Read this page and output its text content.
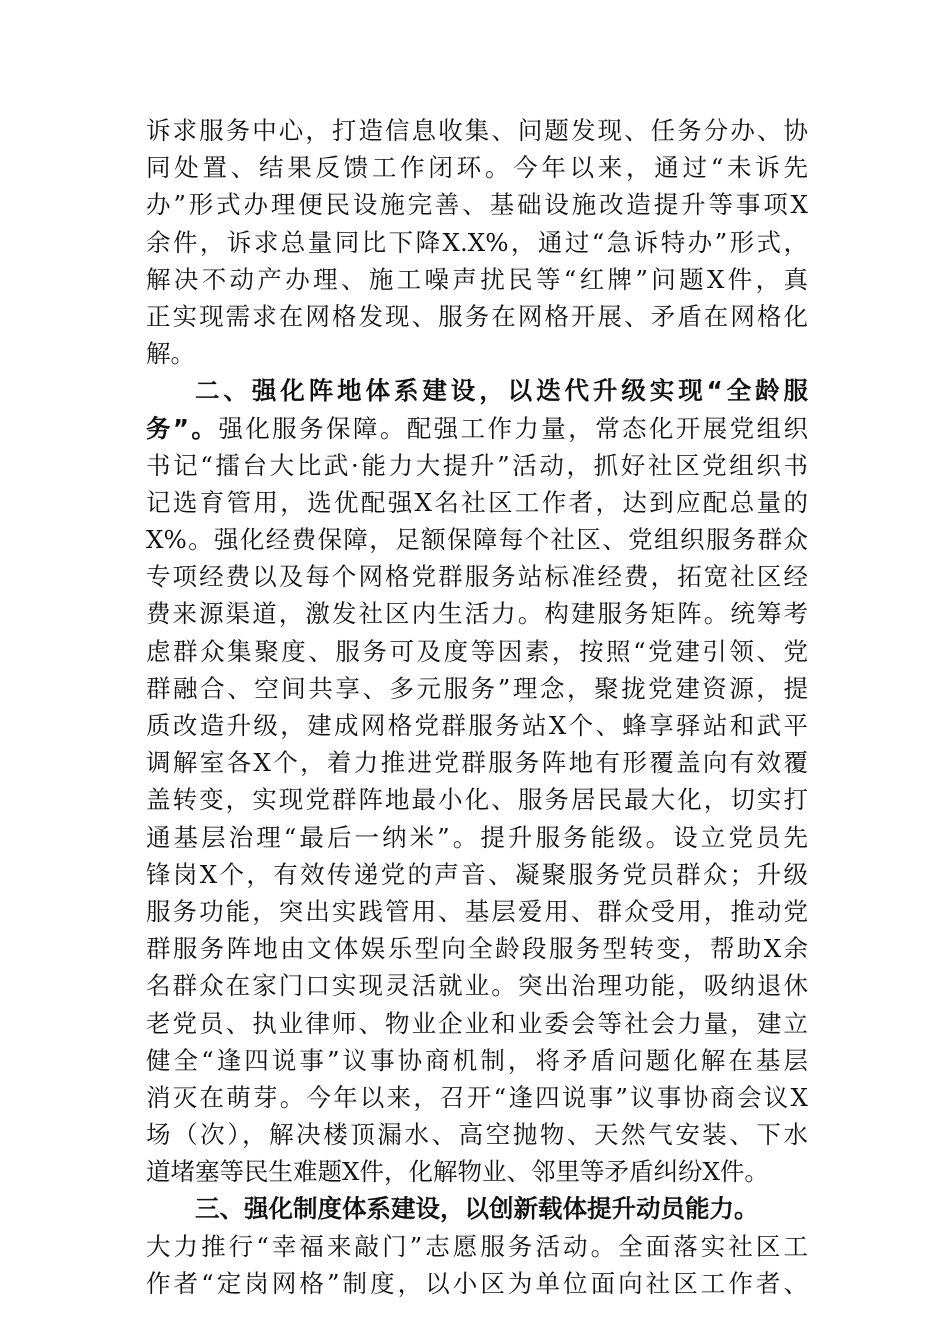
诉求服务中心，打造信息收集、问题发现、任务分办、协
同处置、结果反馈工作闭环。今年以来，通过“未诉先
办”形式办理便民设施完善、基础设施改造提升等事项X
余件，诉求总量同比下降X.X%，通过“急诉特办”形式，
解决不动产办理、施工噪声扰民等“红牌”问题X件，真
正实现需求在网格发现、服务在网格开展、矛盾在网格化
解。
二、强化阵地体系建设，以迭代升级实现“全龄服
务”。强化服务保障。配强工作力量，常态化开展党组织
书记“擂台大比武·能力大提升”活动，抓好社区党组织书
记选育管用，选优配强X名社区工作者，达到应配总量的
X%。强化经费保障，足额保障每个社区、党组织服务群众
专项经费以及每个网格党群服务站标准经费，拓宽社区经
费来源渠道，激发社区内生活力。构建服务矩阵。统筹考
虑群众集聚度、服务可及度等因素，按照“党建引领、党
群融合、空间共享、多元服务”理念，聚拢党建资源，提
质改造升级，建成网格党群服务站X个、蜂享驿站和武平
调解室各X个，着力推进党群服务阵地有形覆盖向有效覆
盖转变，实现党群阵地最小化、服务居民最大化，切实打
通基层治理“最后一纳米”。提升服务能级。设立党员先
锋岗X个，有效传递党的声音、凝聚服务党员群众；升级
服务功能，突出实践管用、基层爱用、群众受用，推动党
群服务阵地由文体娱乐型向全龄段服务型转变，帮助X余
名群众在家门口实现灵活就业。突出治理功能，吸纳退休
老党员、执业律师、物业企业和业委会等社会力量，建立
健全“逢四说事”议事协商机制，将矛盾问题化解在基层
消灭在萌芽。今年以来，召开“逢四说事”议事协商会议X
场（次），解决楼顶漏水、高空抛物、天然气安装、下水
道堵塞等民生难题X件，化解物业、邻里等矛盾纠纷X件。
三、强化制度体系建设，以创新载体提升动员能力。
大力推行“幸福来敲门”志愿服务活动。全面落实社区工
作者“定岗网格”制度，以小区为单位面向社区工作者、
